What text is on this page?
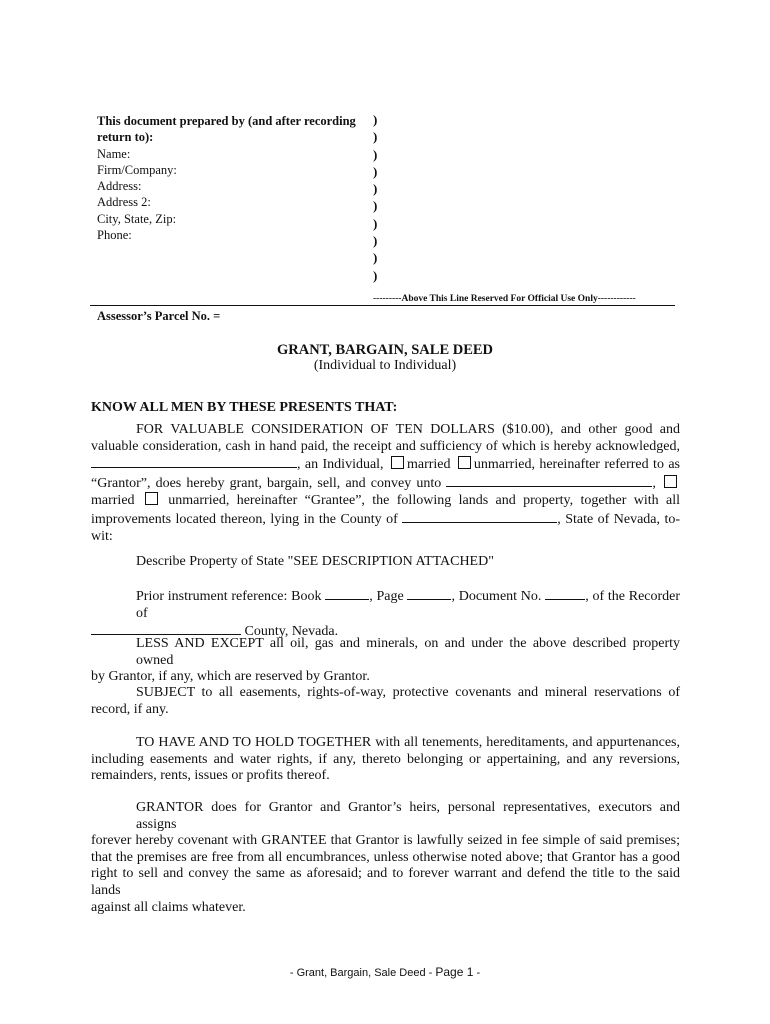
This document prepared by (and after recording
return to):
Name:
Firm/Company:
Address:
Address 2:
City, State, Zip:
Phone:
)
)
)
)
)
)
)
)
)
)
---------Above This Line Reserved For Official Use Only------------
Assessor’s Parcel No. =
GRANT, BARGAIN, SALE DEED
(Individual to Individual)
KNOW ALL MEN BY THESE PRESENTS THAT:
FOR VALUABLE CONSIDERATION OF TEN DOLLARS ($10.00), and other good and
valuable consideration, cash in hand paid, the receipt and sufficiency of which is hereby acknowledged,
, an Individual, married unmarried, hereinafter referred to as
“Grantor”, does hereby grant, bargain, sell, and convey unto	,
married unmarried, hereinafter “Grantee”, the following lands and property, together with all
improvements located thereon, lying in the County of	, State of Nevada, to-
wit:
Describe Property of State "SEE DESCRIPTION ATTACHED"
Prior instrument reference: Book	, Page	, Document No.	, of the Recorder of
County, Nevada.
LESS AND EXCEPT all oil, gas and minerals, on and under the above described property owned
by Grantor, if any, which are reserved by Grantor.
SUBJECT to all easements, rights-of-way, protective covenants and mineral reservations of
record, if any.
TO HAVE AND TO HOLD TOGETHER with all tenements, hereditaments, and appurtenances,
including easements and water rights, if any, thereto belonging or appertaining, and any reversions,
remainders, rents, issues or profits thereof.
GRANTOR does for Grantor and Grantor’s heirs, personal representatives, executors and assigns
forever hereby covenant with GRANTEE that Grantor is lawfully seized in fee simple of said premises;
that the premises are free from all encumbrances, unless otherwise noted above; that Grantor has a good
right to sell and convey the same as aforesaid; and to forever warrant and defend the title to the said lands
against all claims whatever.
- Grant, Bargain, Sale Deed - Page 1 -
